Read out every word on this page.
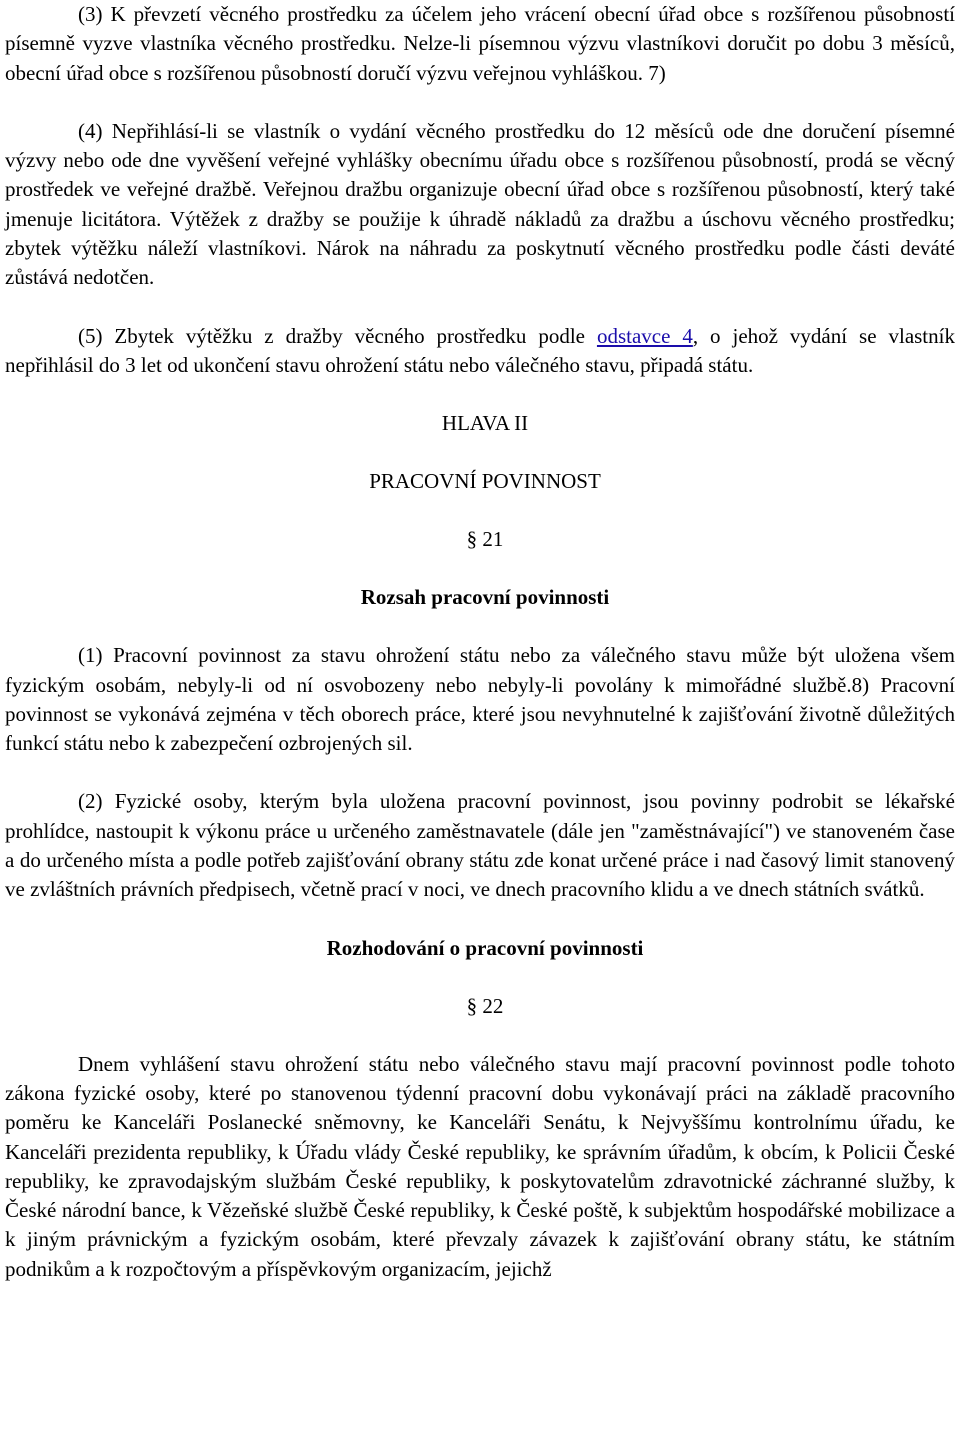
(3) K převzetí věcného prostředku za účelem jeho vrácení obecní úřad obce s rozšířenou působností písemně vyzve vlastníka věcného prostředku. Nelze-li písemnou výzvu vlastníkovi doručit po dobu 3 měsíců, obecní úřad obce s rozšířenou působností doručí výzvu veřejnou vyhláškou. 7)

(4) Nepřihlásí-li se vlastník o vydání věcného prostředku do 12 měsíců ode dne doručení písemné výzvy nebo ode dne vyvěšení veřejné vyhlášky obecnímu úřadu obce s rozšířenou působností, prodá se věcný prostředek ve veřejné dražbě. Veřejnou dražbu organizuje obecní úřad obce s rozšířenou působností, který také jmenuje licitátora. Výtěžek z dražby se použije k úhradě nákladů za dražbu a úschovu věcného prostředku; zbytek výtěžku náleží vlastníkovi. Nárok na náhradu za poskytnutí věcného prostředku podle části deváté zůstává nedotčen.

(5) Zbytek výtěžku z dražby věcného prostředku podle odstavce 4, o jehož vydání se vlastník nepřihlásil do 3 let od ukončení stavu ohrožení státu nebo válečného stavu, připadá státu.

HLAVA II

PRACOVNÍ POVINNOST

§ 21

Rozsah pracovní povinnosti

(1) Pracovní povinnost za stavu ohrožení státu nebo za válečného stavu může být uložena všem fyzickým osobám, nebyly-li od ní osvobozeny nebo nebyly-li povolány k mimořádné službě.8) Pracovní povinnost se vykonává zejména v těch oborech práce, které jsou nevyhnutelné k zajišťování životně důležitých funkcí státu nebo k zabezpečení ozbrojených sil.

(2) Fyzické osoby, kterým byla uložena pracovní povinnost, jsou povinny podrobit se lékařské prohlídce, nastoupit k výkonu práce u určeného zaměstnavatele (dále jen "zaměstnávající") ve stanoveném čase a do určeného místa a podle potřeb zajišťování obrany státu zde konat určené práce i nad časový limit stanovený ve zvláštních právních předpisech, včetně prací v noci, ve dnech pracovního klidu a ve dnech státních svátků.

Rozhodování o pracovní povinnosti

§ 22

Dnem vyhlášení stavu ohrožení státu nebo válečného stavu mají pracovní povinnost podle tohoto zákona fyzické osoby, které po stanovenou týdenní pracovní dobu vykonávají práci na základě pracovního poměru ke Kanceláři Poslanecké sněmovny, ke Kanceláři Senátu, k Nejvyššímu kontrolnímu úřadu, ke Kanceláři prezidenta republiky, k Úřadu vlády České republiky, ke správním úřadům, k obcím, k Policii České republiky, ke zpravodajským službám České republiky, k poskytovatelům zdravotnické záchranné služby, k České národní bance, k Vězeňské službě České republiky, k České poště, k subjektům hospodářské mobilizace a k jiným právnickým a fyzickým osobám, které převzaly závazek k zajišťování obrany státu, ke státním podnikům a k rozpočtovým a příspěvkovým organizacím, jejichž
